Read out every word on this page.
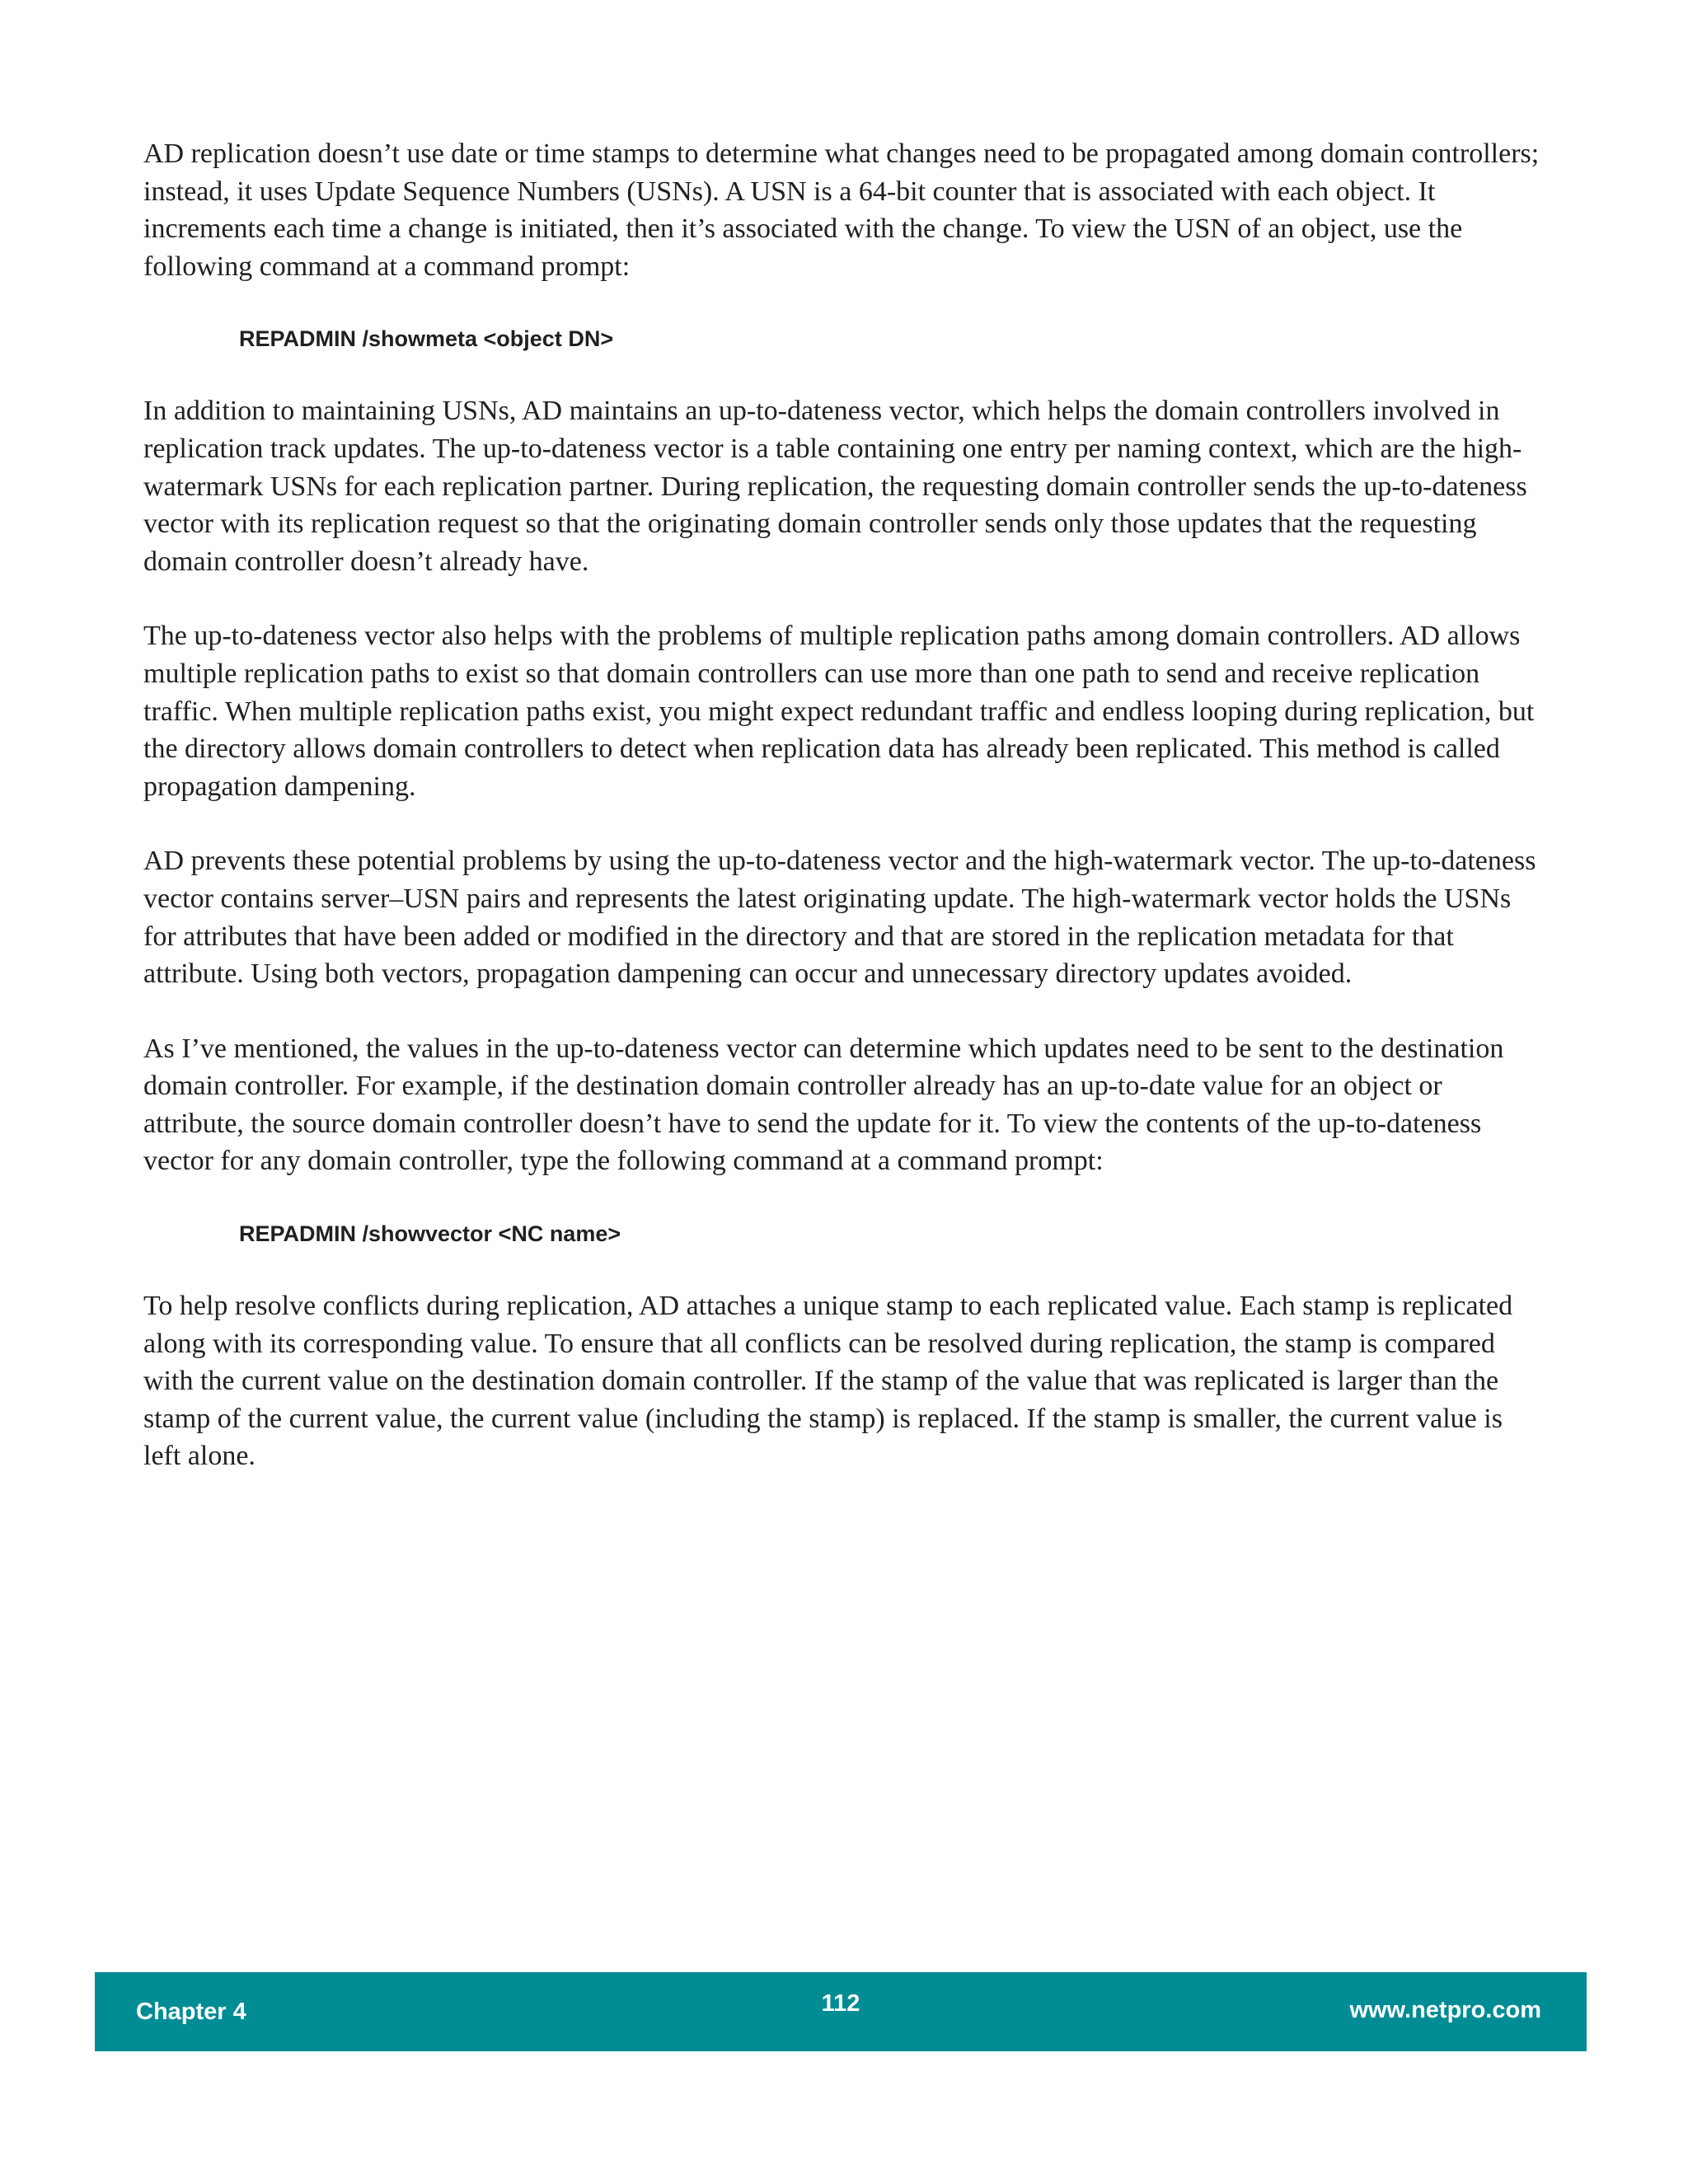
AD replication doesn’t use date or time stamps to determine what changes need to be propagated among domain controllers; instead, it uses Update Sequence Numbers (USNs). A USN is a 64-bit counter that is associated with each object. It increments each time a change is initiated, then it’s associated with the change. To view the USN of an object, use the following command at a command prompt:

REPADMIN /showmeta <object DN>

In addition to maintaining USNs, AD maintains an up-to-dateness vector, which helps the domain controllers involved in replication track updates. The up-to-dateness vector is a table containing one entry per naming context, which are the high-watermark USNs for each replication partner. During replication, the requesting domain controller sends the up-to-dateness vector with its replication request so that the originating domain controller sends only those updates that the requesting domain controller doesn’t already have.

The up-to-dateness vector also helps with the problems of multiple replication paths among domain controllers. AD allows multiple replication paths to exist so that domain controllers can use more than one path to send and receive replication traffic. When multiple replication paths exist, you might expect redundant traffic and endless looping during replication, but the directory allows domain controllers to detect when replication data has already been replicated. This method is called propagation dampening.

AD prevents these potential problems by using the up-to-dateness vector and the high-watermark vector. The up-to-dateness vector contains server–USN pairs and represents the latest originating update. The high-watermark vector holds the USNs for attributes that have been added or modified in the directory and that are stored in the replication metadata for that attribute. Using both vectors, propagation dampening can occur and unnecessary directory updates avoided.

As I’ve mentioned, the values in the up-to-dateness vector can determine which updates need to be sent to the destination domain controller. For example, if the destination domain controller already has an up-to-date value for an object or attribute, the source domain controller doesn’t have to send the update for it. To view the contents of the up-to-dateness vector for any domain controller, type the following command at a command prompt:

REPADMIN /showvector <NC name>

To help resolve conflicts during replication, AD attaches a unique stamp to each replicated value. Each stamp is replicated along with its corresponding value. To ensure that all conflicts can be resolved during replication, the stamp is compared with the current value on the destination domain controller. If the stamp of the value that was replicated is larger than the stamp of the current value, the current value (including the stamp) is replaced. If the stamp is smaller, the current value is left alone.

Chapter 4	112	www.netpro.com
